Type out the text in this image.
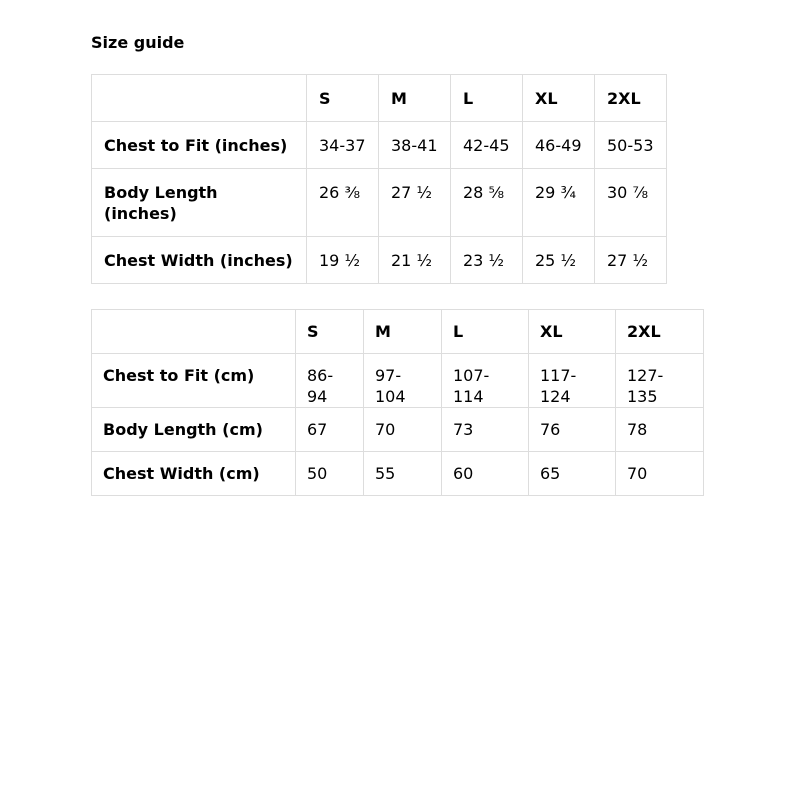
Size guide
	S	M	L	XL	2XL
Chest to Fit (inches)	34-37	38-41	42-45	46-49	50-53
Body Length (inches)	26 ⅜	27 ½	28 ⅝	29 ¾	30 ⅞
Chest Width (inches)	19 ½	21 ½	23 ½	25 ½	27 ½
	S	M	L	XL	2XL
Chest to Fit (cm)	86-94	97-104	107-114	117-124	127-135
Body Length (cm)	67	70	73	76	78
Chest Width (cm)	50	55	60	65	70
